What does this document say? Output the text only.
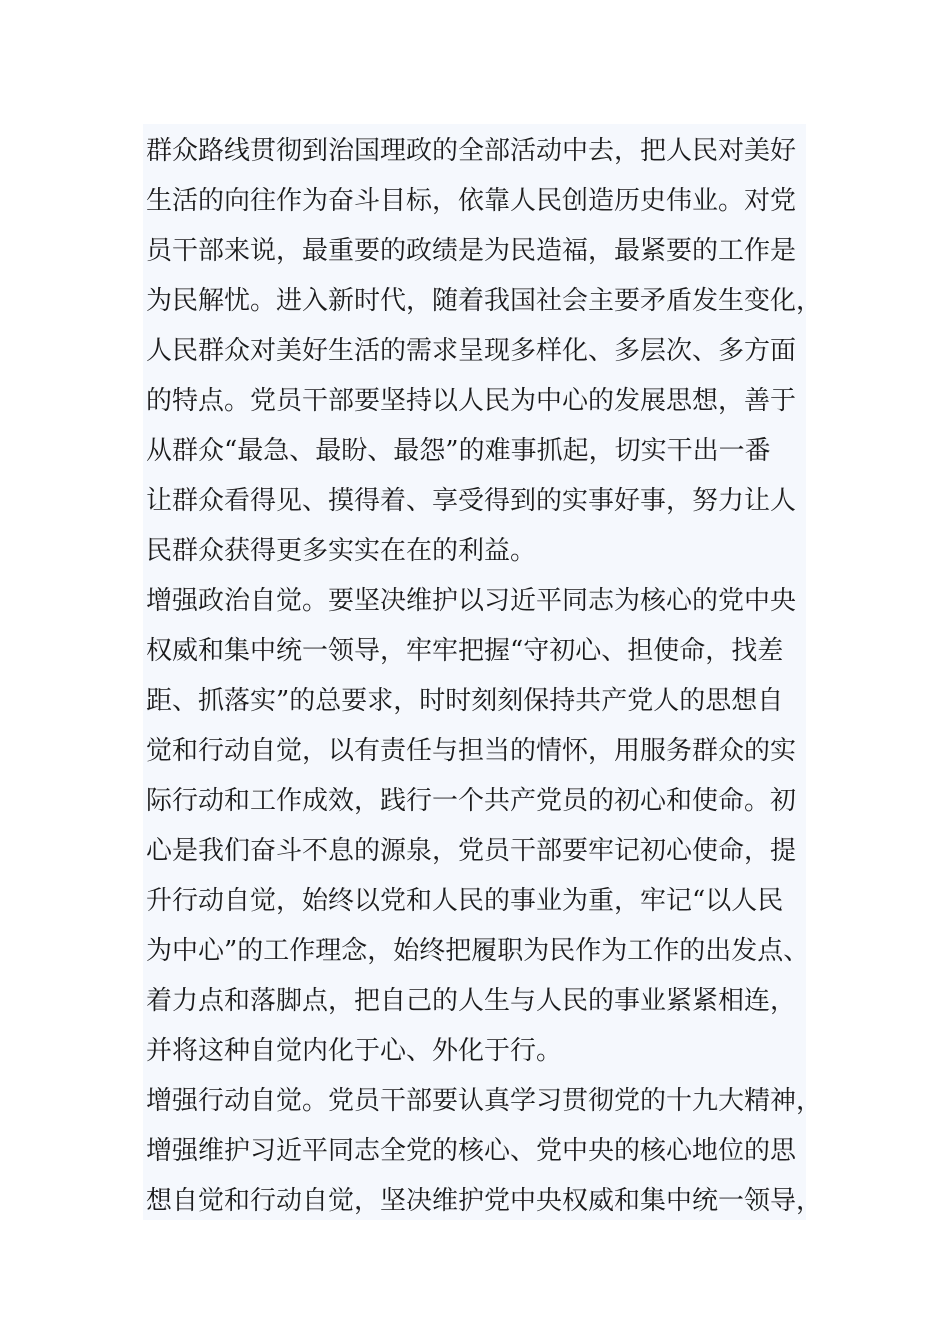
群众路线贯彻到治国理政的全部活动中去，把人民对美好
生活的向往作为奋斗目标，依靠人民创造历史伟业。对党
员干部来说，最重要的政绩是为民造福，最紧要的工作是
为民解忧。进入新时代，随着我国社会主要矛盾发生变化，
人民群众对美好生活的需求呈现多样化、多层次、多方面
的特点。党员干部要坚持以人民为中心的发展思想，善于
从群众“最急、最盼、最怨”的难事抓起，切实干出一番
让群众看得见、摸得着、享受得到的实事好事，努力让人
民群众获得更多实实在在的利益。
增强政治自觉。要坚决维护以习近平同志为核心的党中央
权威和集中统一领导，牢牢把握“守初心、担使命，找差
距、抓落实”的总要求，时时刻刻保持共产党人的思想自
觉和行动自觉，以有责任与担当的情怀，用服务群众的实
际行动和工作成效，践行一个共产党员的初心和使命。初
心是我们奋斗不息的源泉，党员干部要牢记初心使命，提
升行动自觉，始终以党和人民的事业为重，牢记“以人民
为中心”的工作理念，始终把履职为民作为工作的出发点、
着力点和落脚点，把自己的人生与人民的事业紧紧相连，
并将这种自觉内化于心、外化于行。
增强行动自觉。党员干部要认真学习贯彻党的十九大精神，
增强维护习近平同志全党的核心、党中央的核心地位的思
想自觉和行动自觉，坚决维护党中央权威和集中统一领导，
